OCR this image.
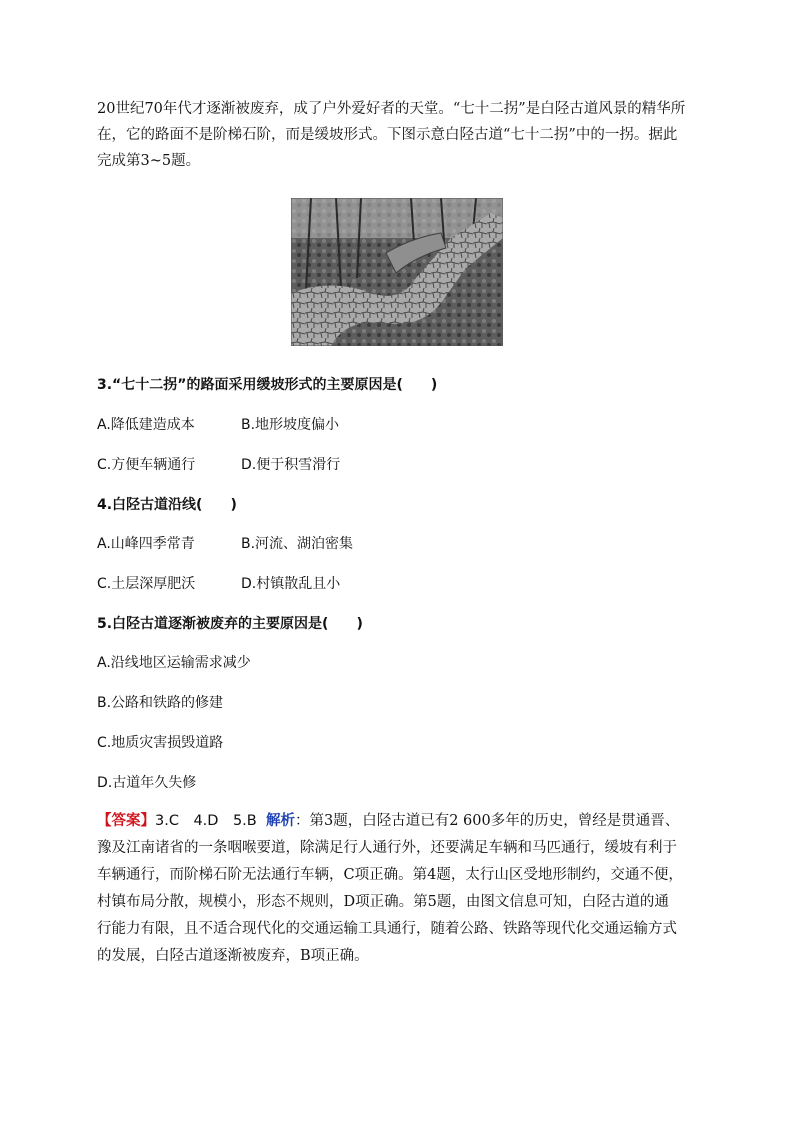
20世纪70年代才逐渐被废弃，成了户外爱好者的天堂。“七十二拐”是白陉古道风景的精华所
在，它的路面不是阶梯石阶，而是缓坡形式。下图示意白陉古道“七十二拐”中的一拐。据此
完成第3~5题。

3.“七十二拐”的路面采用缓坡形式的主要原因是(　　)

A.降低建造成本	B.地形坡度偏小
C.方便车辆通行	D.便于积雪滑行

4.白陉古道沿线(　　)

A.山峰四季常青	B.河流、湖泊密集
C.土层深厚肥沃	D.村镇散乱且小

5.白陉古道逐渐被废弃的主要原因是(　　)

A.沿线地区运输需求减少

B.公路和铁路的修建

C.地质灾害损毁道路

D.古道年久失修

【答案】3.C　4.D　5.B 解析：第3题，白陉古道已有2 600多年的历史，曾经是贯通晋、
豫及江南诸省的一条咽喉要道，除满足行人通行外，还要满足车辆和马匹通行，缓坡有利于
车辆通行，而阶梯石阶无法通行车辆，C项正确。第4题，太行山区受地形制约，交通不便，
村镇布局分散，规模小，形态不规则，D项正确。第5题，由图文信息可知，白陉古道的通
行能力有限，且不适合现代化的交通运输工具通行，随着公路、铁路等现代化交通运输方式
的发展，白陉古道逐渐被废弃，B项正确。
